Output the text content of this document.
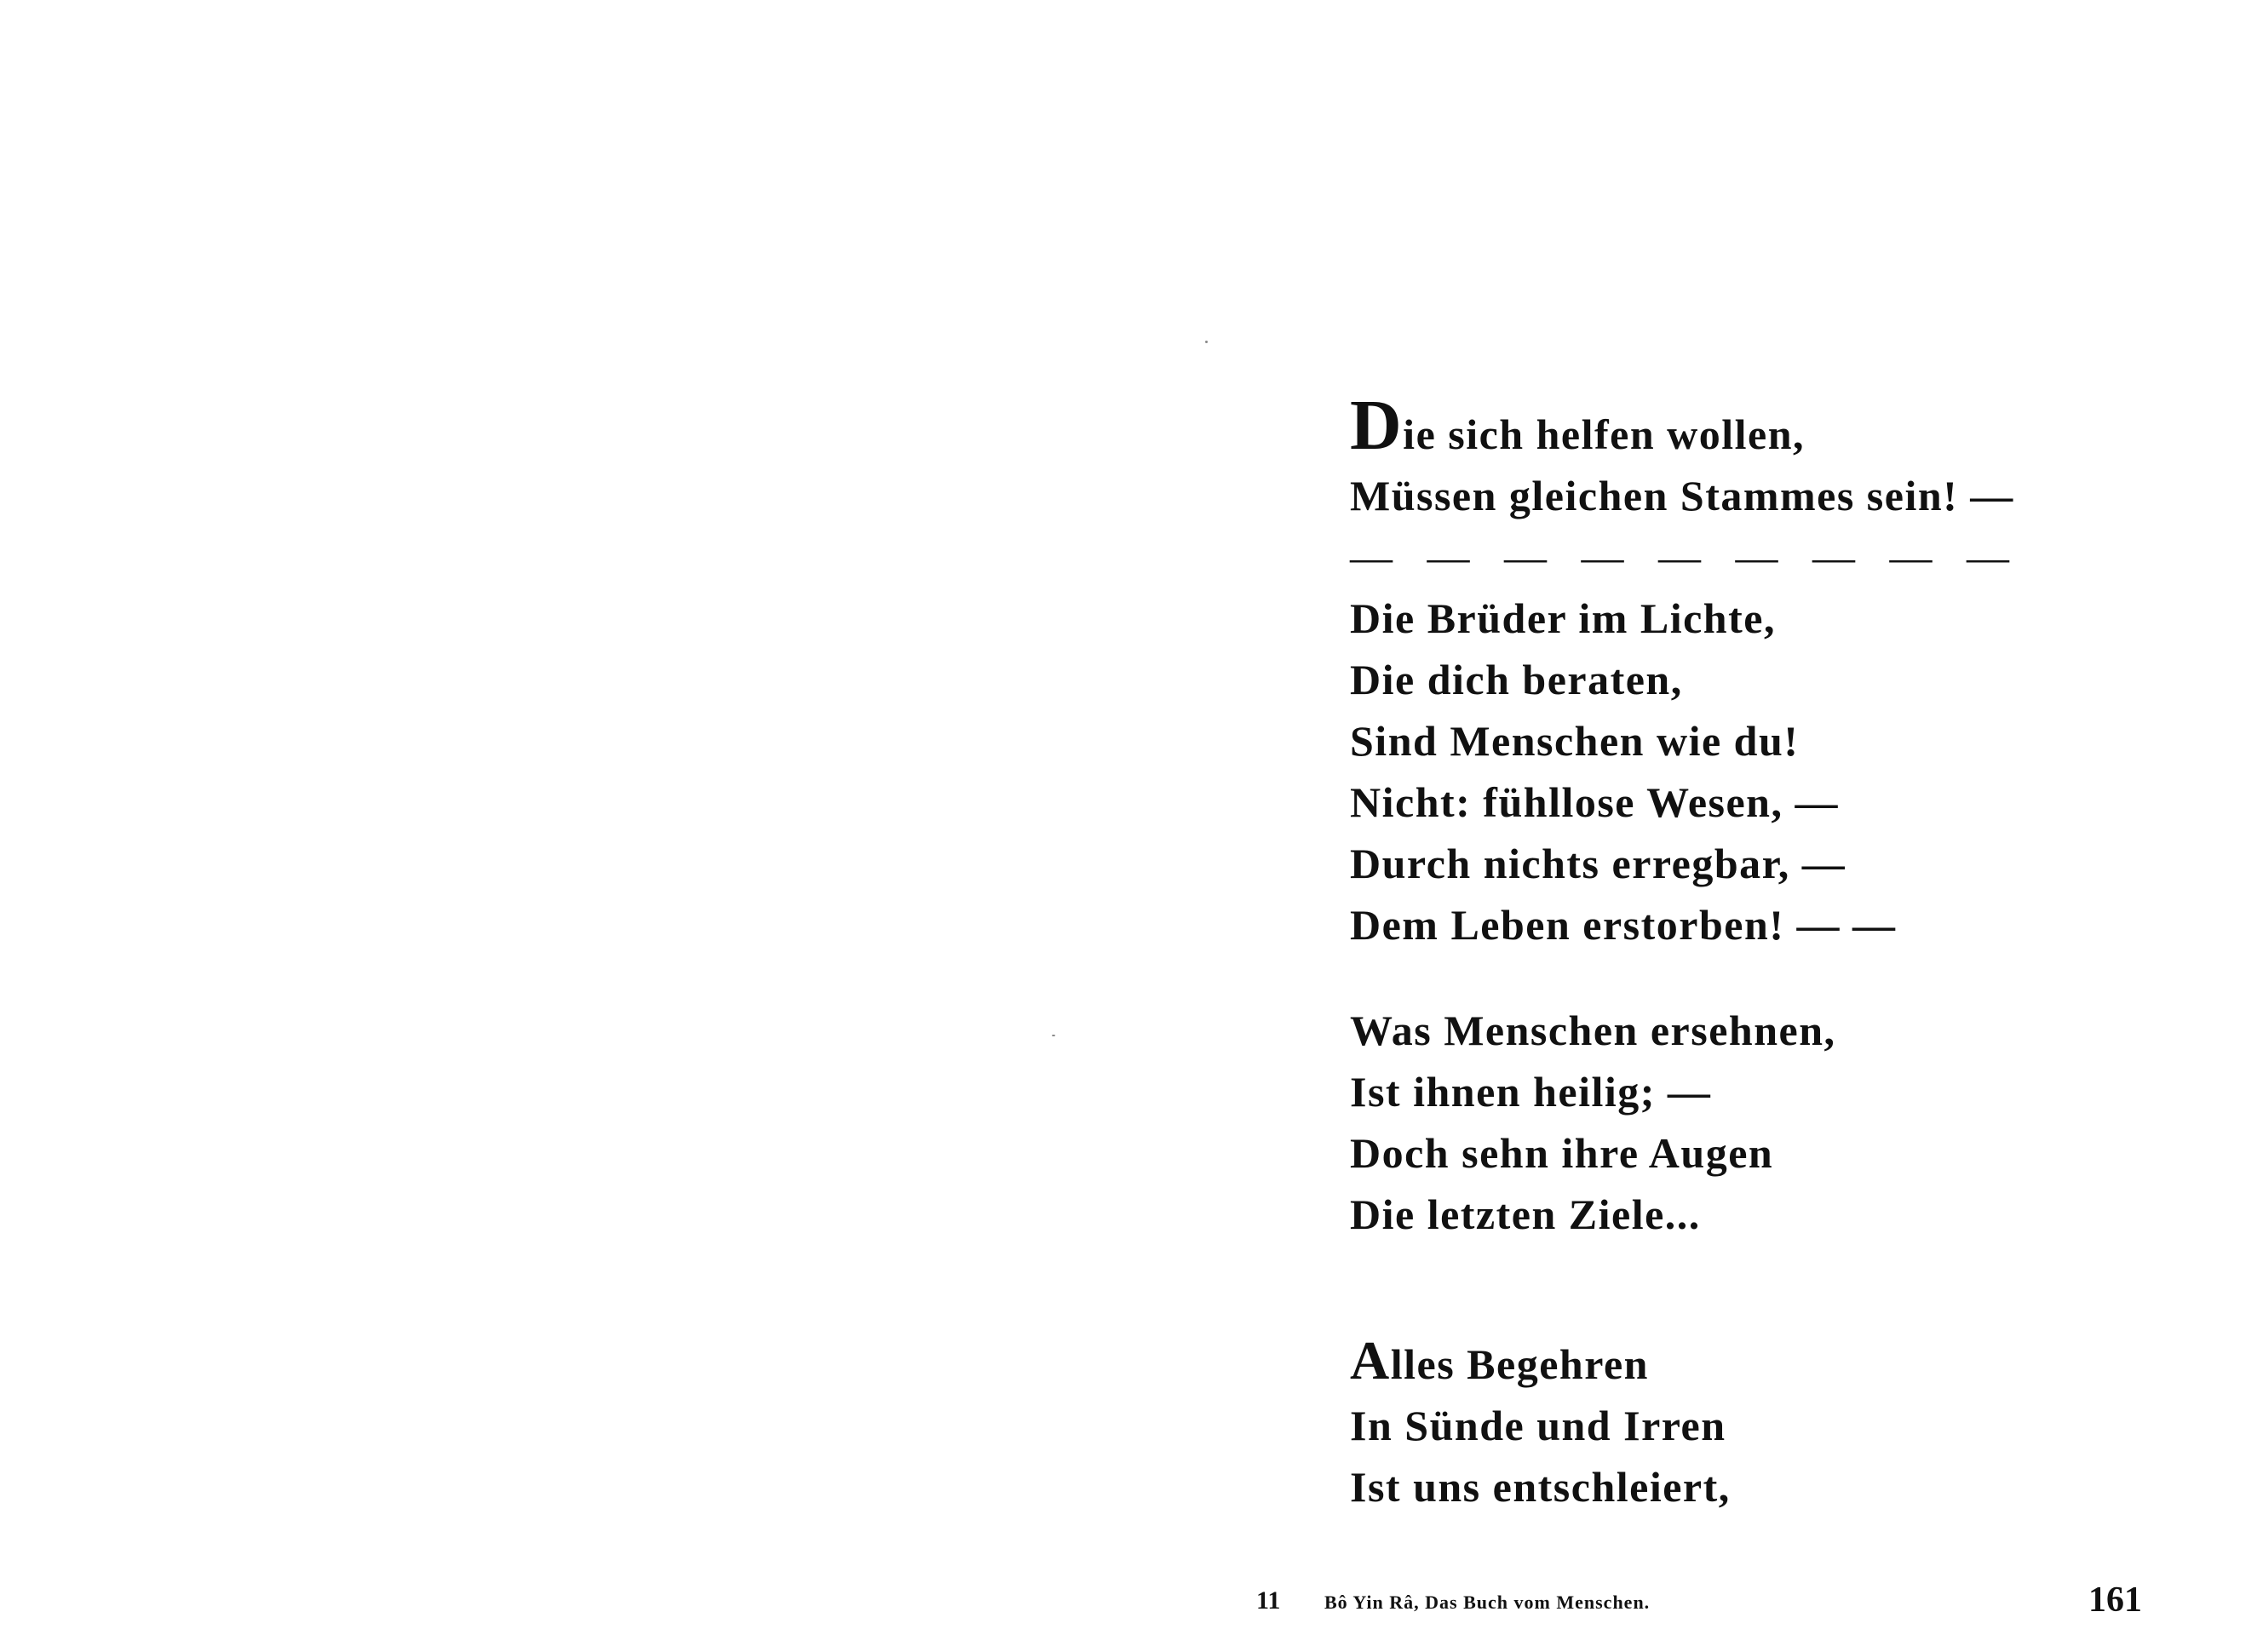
Die sich helfen wollen,
Müssen gleichen Stammes sein! —
— — — — — — — — —
Die Brüder im Lichte,
Die dich beraten,
Sind Menschen wie du!
Nicht: fühllose Wesen, —
Durch nichts erregbar, —
Dem Leben erstorben! — —
Was Menschen ersehnen,
Ist ihnen heilig; —
Doch sehn ihre Augen
Die letzten Ziele...
Alles Begehren
In Sünde und Irren
Ist uns entschleiert,
11 Bô Yin Râ, Das Buch vom Menschen.	161
